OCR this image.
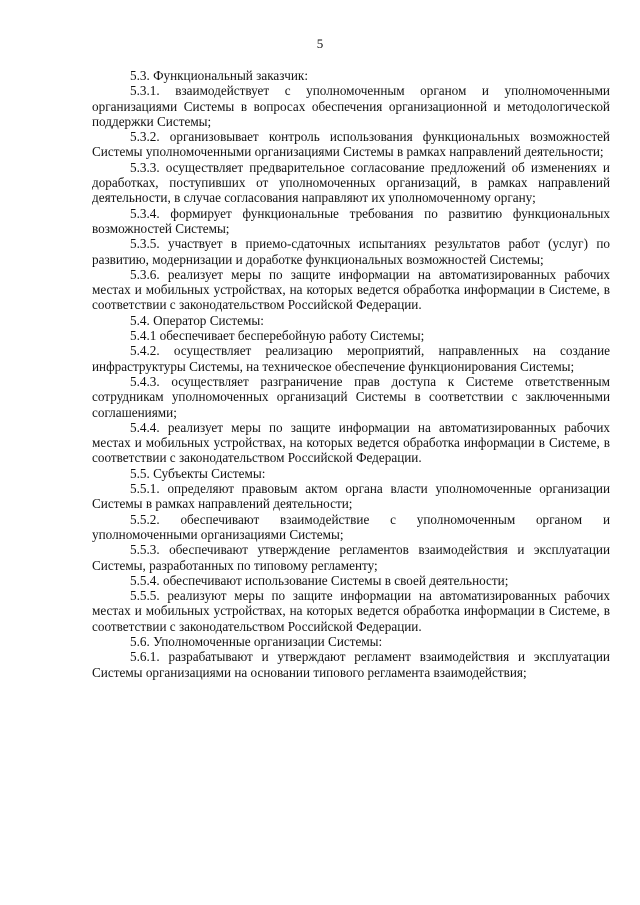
5

5.3. Функциональный заказчик:

5.3.1. взаимодействует с уполномоченным органом и уполномоченными организациями Системы в вопросах обеспечения организационной и методологической поддержки Системы;

5.3.2. организовывает контроль использования функциональных возможностей Системы уполномоченными организациями Системы в рамках направлений деятельности;

5.3.3. осуществляет предварительное согласование предложений об изменениях и доработках, поступивших от уполномоченных организаций, в рамках направлений деятельности, в случае согласования направляют их уполномоченному органу;

5.3.4. формирует функциональные требования по развитию функциональных возможностей Системы;

5.3.5. участвует в приемо-сдаточных испытаниях результатов работ (услуг) по развитию, модернизации и доработке функциональных возможностей Системы;

5.3.6. реализует меры по защите информации на автоматизированных рабочих местах и мобильных устройствах, на которых ведется обработка информации в Системе, в соответствии с законодательством Российской Федерации.

5.4. Оператор Системы:

5.4.1 обеспечивает бесперебойную работу Системы;

5.4.2. осуществляет реализацию мероприятий, направленных на создание инфраструктуры Системы, на техническое обеспечение функционирования Системы;

5.4.3. осуществляет разграничение прав доступа к Системе ответственным сотрудникам уполномоченных организаций Системы в соответствии с заключенными соглашениями;

5.4.4. реализует меры по защите информации на автоматизированных рабочих местах и мобильных устройствах, на которых ведется обработка информации в Системе, в соответствии с законодательством Российской Федерации.

5.5. Субъекты Системы:

5.5.1. определяют правовым актом органа власти уполномоченные организации Системы в рамках направлений деятельности;

5.5.2. обеспечивают взаимодействие с уполномоченным органом и уполномоченными организациями Системы;

5.5.3. обеспечивают утверждение регламентов взаимодействия и эксплуатации Системы, разработанных по типовому регламенту;

5.5.4. обеспечивают использование Системы в своей деятельности;

5.5.5. реализуют меры по защите информации на автоматизированных рабочих местах и мобильных устройствах, на которых ведется обработка информации в Системе, в соответствии с законодательством Российской Федерации.

5.6. Уполномоченные организации Системы:

5.6.1. разрабатывают и утверждают регламент взаимодействия и эксплуатации Системы организациями на основании типового регламента взаимодействия;
